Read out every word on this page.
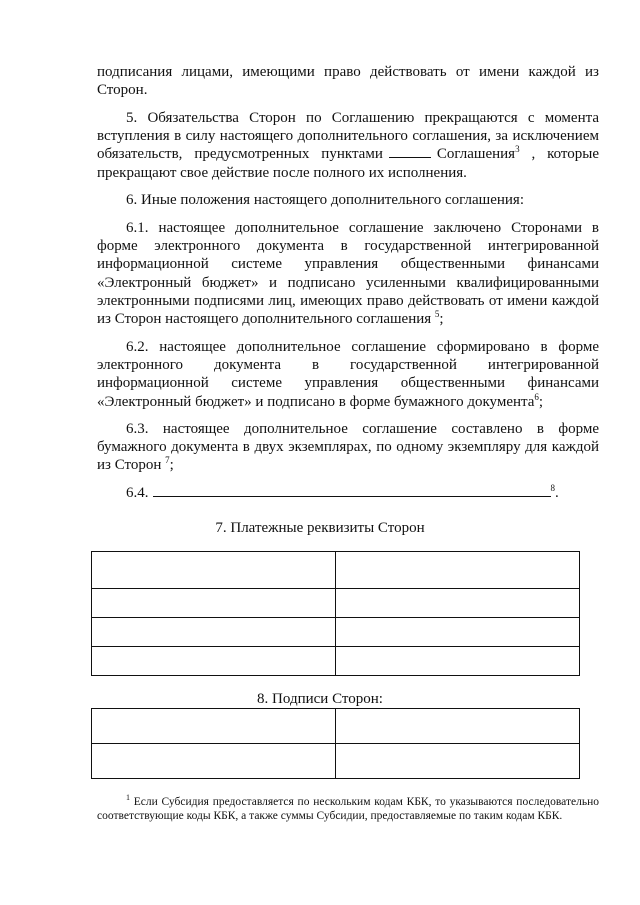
подписания лицами, имеющими право действовать от имени каждой из Сторон.

5. Обязательства Сторон по Соглашению прекращаются с момента вступления в силу настоящего дополнительного соглашения, за исключением обязательств, предусмотренных пунктами	Соглашения$^3$ , которые прекращают свое действие после полного их исполнения.

6. Иные положения настоящего дополнительного соглашения:

6.1. настоящее дополнительное соглашение заключено Сторонами в форме электронного документа в государственной интегрированной информационной системе управления общественными финансами «Электронный бюджет» и подписано усиленными квалифицированными электронными подписями лиц, имеющих право действовать от имени каждой из Сторон настоящего дополнительного соглашения $^5$;

6.2. настоящее дополнительное соглашение сформировано в форме электронного документа в государственной интегрированной информационной системе управления общественными финансами «Электронный бюджет» и подписано в форме бумажного документа$^6$;

6.3. настоящее дополнительное соглашение составлено в форме бумажного документа в двух экземплярах, по одному экземпляру для каждой из Сторон $^7$;

6.4.	$^8$.

7. Платежные реквизиты Сторон

8. Подписи Сторон:

$^1$ Если Субсидия предоставляется по нескольким кодам КБК, то указываются последовательно соответствующие коды КБК, а также суммы Субсидии, предоставляемые по таким кодам КБК.
